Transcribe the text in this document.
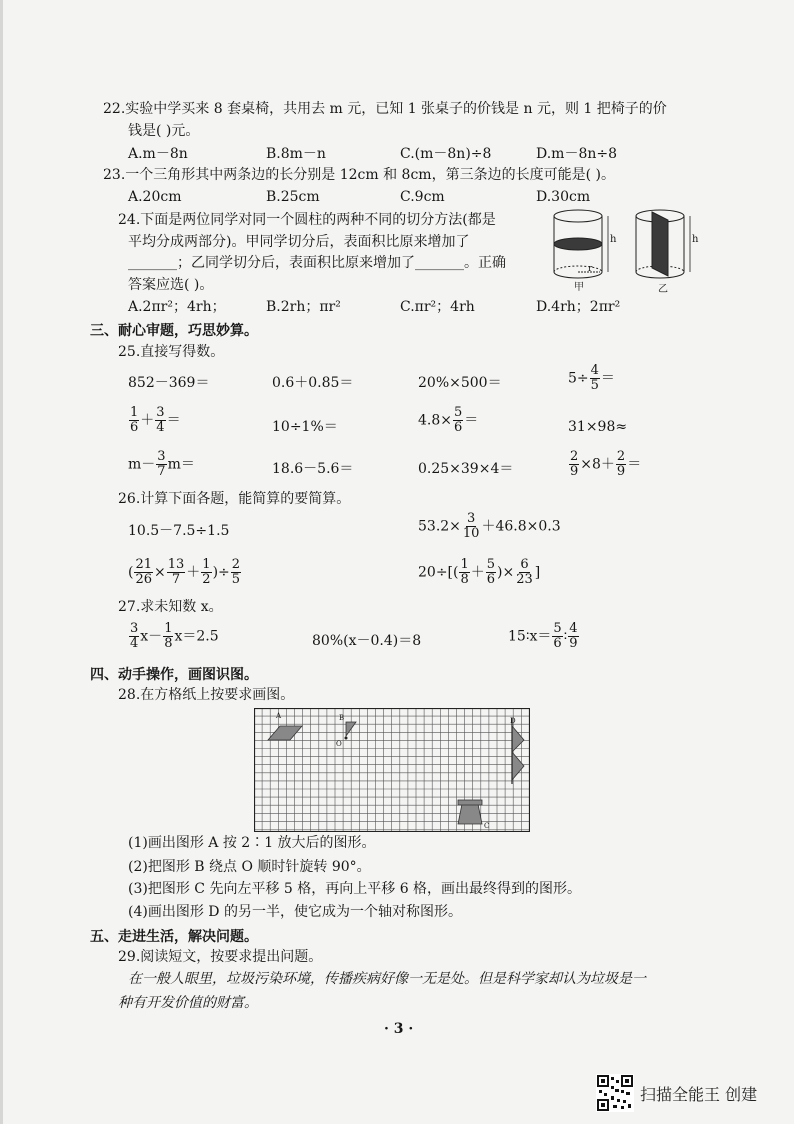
22.实验中学买来 8 套桌椅，共用去 m 元，已知 1 张桌子的价钱是 n 元，则 1 把椅子的价
钱是( )元。
A.m－8n	B.8m－n	C.(m－8n)÷8	D.m－8n÷8
23.一个三角形其中两条边的长分别是 12cm 和 8cm，第三条边的长度可能是( )。
A.20cm	B.25cm	C.9cm	D.30cm
24.下面是两位同学对同一个圆柱的两种不同的切分方法(都是
平均分成两部分)。甲同学切分后，表面积比原来增加了
_______；乙同学切分后，表面积比原来增加了_______。正确
答案应选( )。
A.2πr²；4rh；	B.2rh；πr²	C.πr²；4rh	D.4rh；2πr²
h
r
h
甲	乙
三、耐心审题，巧思妙算。
25.直接写得数。
852－369＝	0.6＋0.85＝	20%×500＝	$5\div \frac{4}{5}$ ＝
$\frac{1}{6} + \frac{3}{4}$ ＝	10÷1%＝	$4.8\times \frac{5}{6}$ ＝	31×98≈
$m- \frac{3}{7} m=$	18.6－5.6＝	0.25×39×4＝	$\frac{2}{9} \times 8+ \frac{2}{9}$ ＝
26.计算下面各题，能简算的要简算。
10.5－7.5÷1.5	$53.2\times \frac{3}{10} +46.8\times 0.3$
( $\frac{21}{26} \times \frac{13}{7} + \frac{1}{2}$ )÷ $\frac{2}{5}$	$20\div[( \frac{1}{8} + \frac{5}{6}$ )× $\frac{6}{23}$ ]
27.求未知数 x。
$\frac{3}{4} x- \frac{1}{8} x=2.5$	80%(x－0.4)＝8	15∶x＝ $\frac{5}{6}$ ∶ $\frac{4}{9}$
四、动手操作，画图识图。
28.在方格纸上按要求画图。
A	B
O
C
D
(1)画出图形 A 按 2∶1 放大后的图形。
(2)把图形 B 绕点 O 顺时针旋转 90°。
(3)把图形 C 先向左平移 5 格，再向上平移 6 格，画出最终得到的图形。
(4)画出图形 D 的另一半，使它成为一个轴对称图形。
五、走进生活，解决问题。
29.阅读短文，按要求提出问题。
在一般人眼里，垃圾污染环境，传播疾病好像一无是处。但是科学家却认为垃圾是一
种有开发价值的财富。
· 3 ·
扫描全能王 创建
